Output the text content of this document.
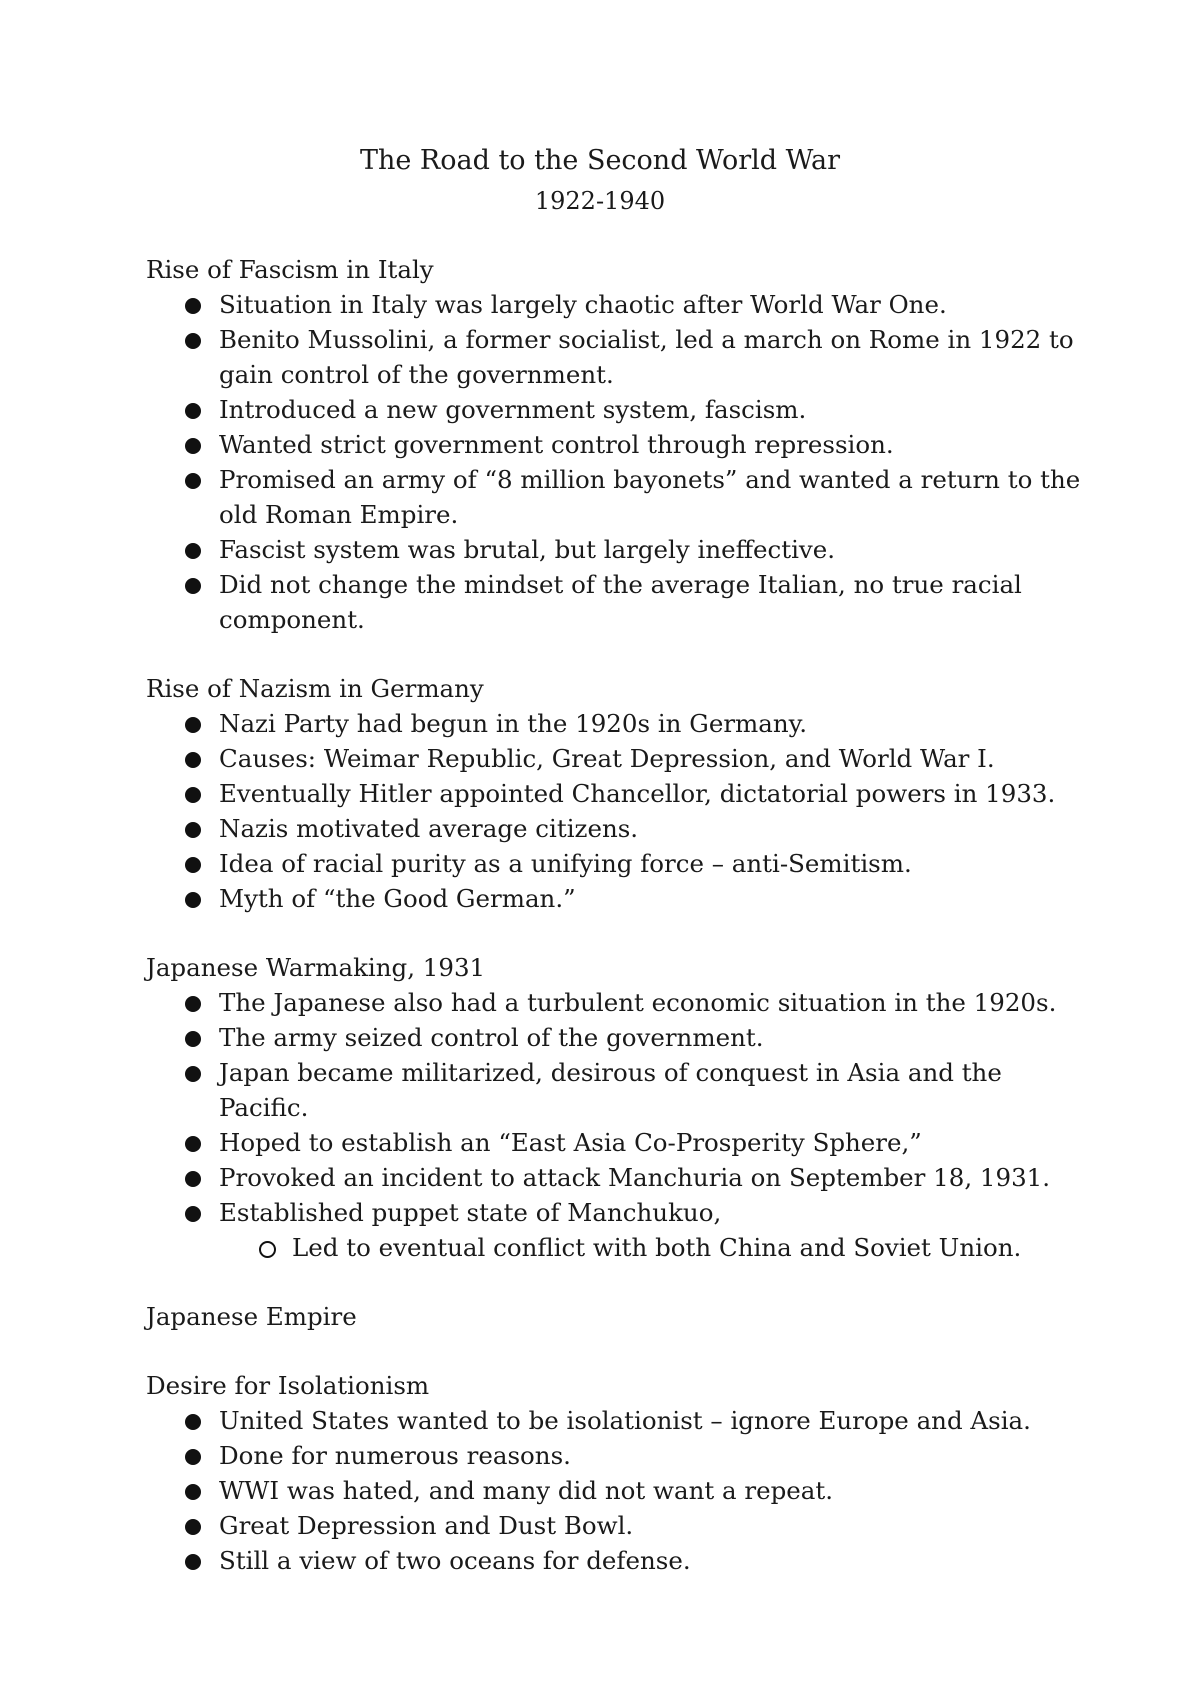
The Road to the Second World War
1922-1940

Rise of Fascism in Italy

Situation in Italy was largely chaotic after World War One.
Benito Mussolini, a former socialist, led a march on Rome in 1922 to gain control of the government.
Introduced a new government system, fascism.
Wanted strict government control through repression.
Promised an army of “8 million bayonets” and wanted a return to the old Roman Empire.
Fascist system was brutal, but largely ineffective.
Did not change the mindset of the average Italian, no true racial component.

Rise of Nazism in Germany

Nazi Party had begun in the 1920s in Germany.
Causes: Weimar Republic, Great Depression, and World War I.
Eventually Hitler appointed Chancellor, dictatorial powers in 1933.
Nazis motivated average citizens.
Idea of racial purity as a unifying force – anti-Semitism.
Myth of “the Good German.”

Japanese Warmaking, 1931

The Japanese also had a turbulent economic situation in the 1920s.
The army seized control of the government.
Japan became militarized, desirous of conquest in Asia and the Pacific.
Hoped to establish an “East Asia Co-Prosperity Sphere,”
Provoked an incident to attack Manchuria on September 18, 1931.
Established puppet state of Manchukuo,
Led to eventual conflict with both China and Soviet Union.

Japanese Empire

Desire for Isolationism

United States wanted to be isolationist – ignore Europe and Asia.
Done for numerous reasons.
WWI was hated, and many did not want a repeat.
Great Depression and Dust Bowl.
Still a view of two oceans for defense.
